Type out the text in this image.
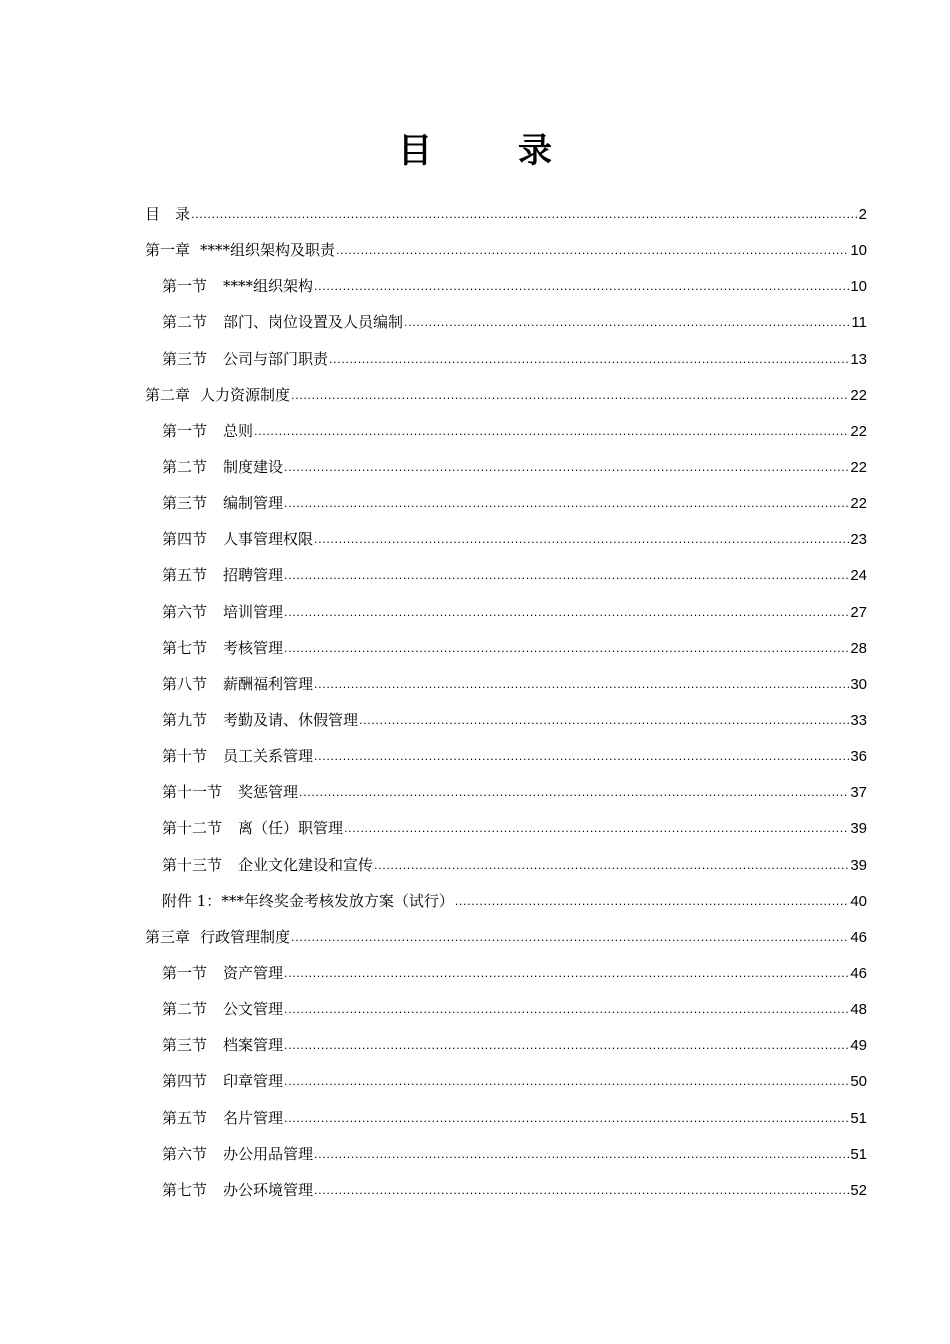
目　录
目　录 .....	2
第一章 ****组织架构及职责 .....	10
第一节 ****组织架构 .....	10
第二节 部门、岗位设置及人员编制 .....	11
第三节 公司与部门职责 .....	13
第二章 人力资源制度 .....	22
第一节 总则 .....	22
第二节 制度建设 .....	22
第三节 编制管理 .....	22
第四节 人事管理权限 .....	23
第五节 招聘管理 .....	24
第六节 培训管理 .....	27
第七节 考核管理 .....	28
第八节 薪酬福利管理 .....	30
第九节 考勤及请、休假管理 .....	33
第十节 员工关系管理 .....	36
第十一节 奖惩管理 .....	37
第十二节 离（任）职管理 .....	39
第十三节 企业文化建设和宣传 .....	39
附件 1：***年终奖金考核发放方案（试行） .....	40
第三章 行政管理制度 .....	46
第一节 资产管理 .....	46
第二节 公文管理 .....	48
第三节 档案管理 .....	49
第四节 印章管理 .....	50
第五节 名片管理 .....	51
第六节 办公用品管理 .....	51
第七节 办公环境管理 .....	52
